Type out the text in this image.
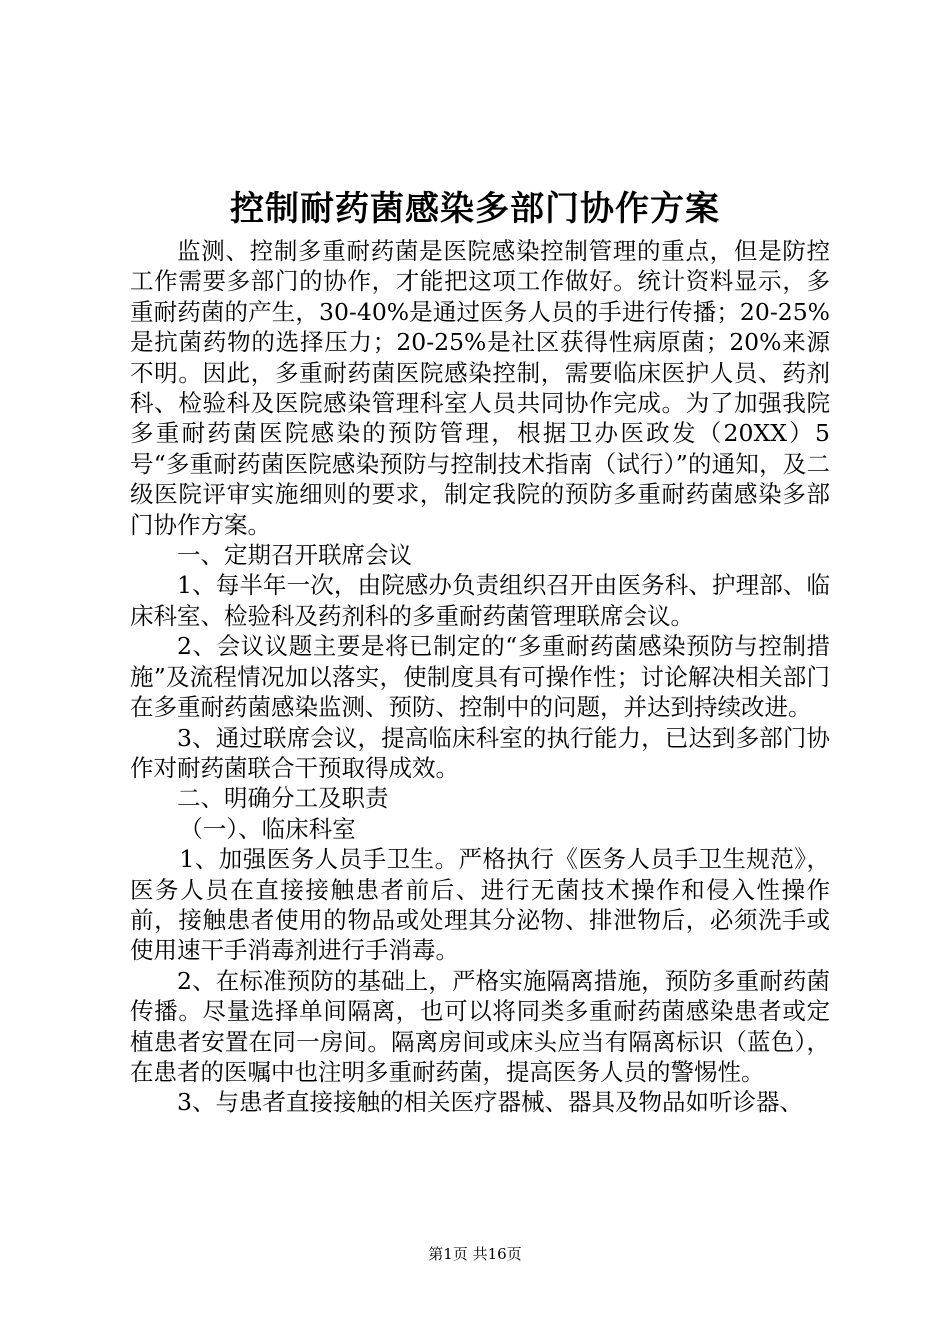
控制耐药菌感染多部门协作方案

监测、控制多重耐药菌是医院感染控制管理的重点，但是防控工作需要多部门的协作，才能把这项工作做好。统计资料显示，多重耐药菌的产生，30-40%是通过医务人员的手进行传播；20-25%是抗菌药物的选择压力；20-25%是社区获得性病原菌；20%来源不明。因此，多重耐药菌医院感染控制，需要临床医护人员、药剂科、检验科及医院感染管理科室人员共同协作完成。为了加强我院多重耐药菌医院感染的预防管理，根据卫办医政发（20XX）5号“多重耐药菌医院感染预防与控制技术指南（试行）”的通知，及二级医院评审实施细则的要求，制定我院的预防多重耐药菌感染多部门协作方案。

一、定期召开联席会议

1、每半年一次，由院感办负责组织召开由医务科、护理部、临床科室、检验科及药剂科的多重耐药菌管理联席会议。

2、会议议题主要是将已制定的“多重耐药菌感染预防与控制措施”及流程情况加以落实，使制度具有可操作性；讨论解决相关部门在多重耐药菌感染监测、预防、控制中的问题，并达到持续改进。

3、通过联席会议，提高临床科室的执行能力，已达到多部门协作对耐药菌联合干预取得成效。

二、明确分工及职责

（一）、临床科室

1、加强医务人员手卫生。严格执行《医务人员手卫生规范》，医务人员在直接接触患者前后、进行无菌技术操作和侵入性操作前，接触患者使用的物品或处理其分泌物、排泄物后，必须洗手或使用速干手消毒剂进行手消毒。

2、在标准预防的基础上，严格实施隔离措施，预防多重耐药菌传播。尽量选择单间隔离，也可以将同类多重耐药菌感染患者或定植患者安置在同一房间。隔离房间或床头应当有隔离标识（蓝色），在患者的医嘱中也注明多重耐药菌，提高医务人员的警惕性。

3、与患者直接接触的相关医疗器械、器具及物品如听诊器、

第1页 共16页
